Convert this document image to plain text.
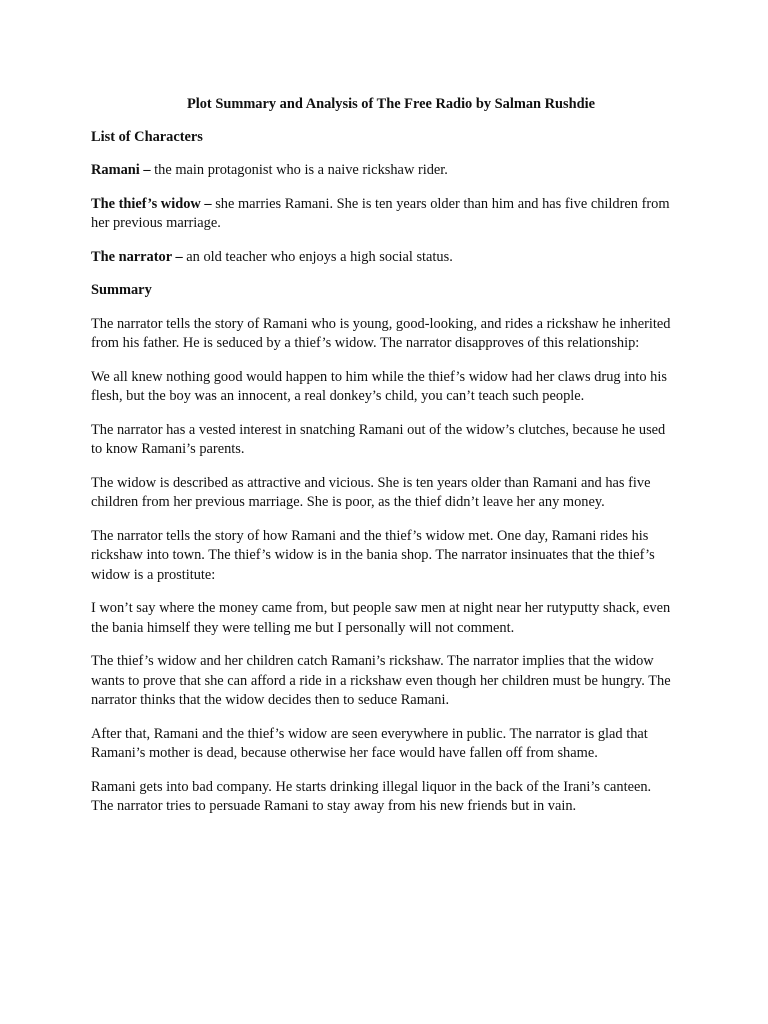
Plot Summary and Analysis of The Free Radio by Salman Rushdie
List of Characters

Ramani – the main protagonist who is a naive rickshaw rider.

The thief’s widow – she marries Ramani. She is ten years older than him and has five children from her previous marriage.

The narrator – an old teacher who enjoys a high social status.

Summary

The narrator tells the story of Ramani who is young, good-looking, and rides a rickshaw he inherited from his father. He is seduced by a thief’s widow. The narrator disapproves of this relationship:

We all knew nothing good would happen to him while the thief’s widow had her claws drug into his flesh, but the boy was an innocent, a real donkey’s child, you can’t teach such people.

The narrator has a vested interest in snatching Ramani out of the widow’s clutches, because he used to know Ramani’s parents.

The widow is described as attractive and vicious. She is ten years older than Ramani and has five children from her previous marriage. She is poor, as the thief didn’t leave her any money.

The narrator tells the story of how Ramani and the thief’s widow met. One day, Ramani rides his rickshaw into town. The thief’s widow is in the bania shop. The narrator insinuates that the thief’s widow is a prostitute:

I won’t say where the money came from, but people saw men at night near her rutyputty shack, even the bania himself they were telling me but I personally will not comment.

The thief’s widow and her children catch Ramani’s rickshaw. The narrator implies that the widow wants to prove that she can afford a ride in a rickshaw even though her children must be hungry. The narrator thinks that the widow decides then to seduce Ramani.

After that, Ramani and the thief’s widow are seen everywhere in public. The narrator is glad that Ramani’s mother is dead, because otherwise her face would have fallen off from shame.

Ramani gets into bad company. He starts drinking illegal liquor in the back of the Irani’s canteen. The narrator tries to persuade Ramani to stay away from his new friends but in vain.
